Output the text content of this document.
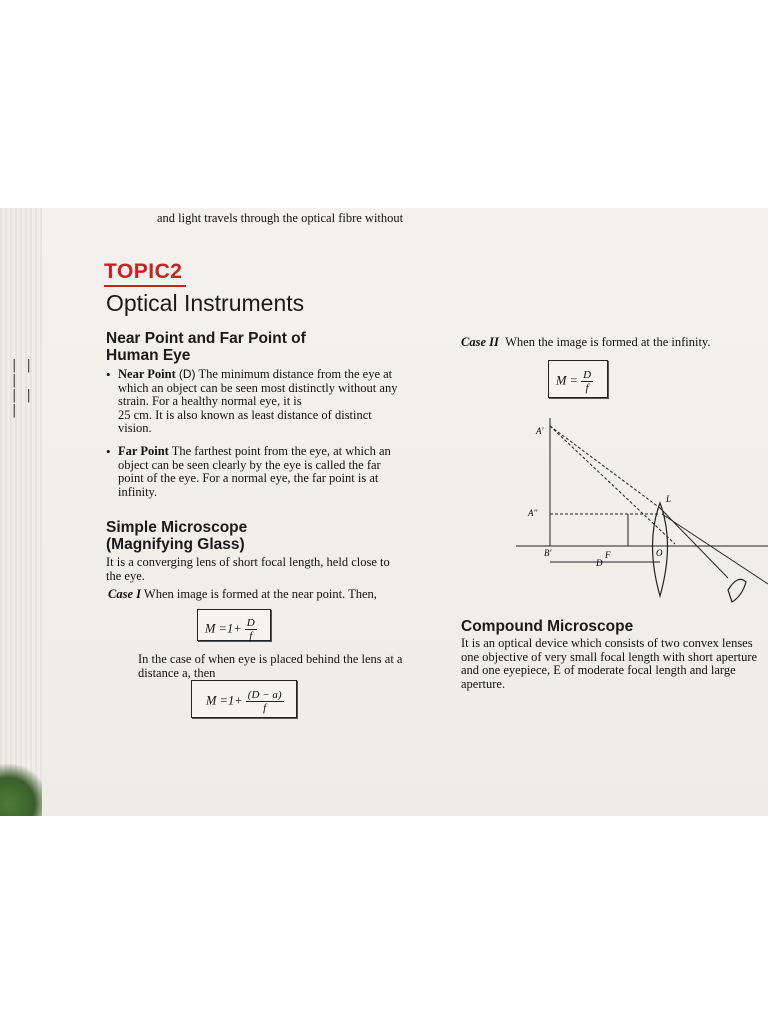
| | |
| | |
and light travels through the optical fibre without
TOPIC2
Optical Instruments
Near Point and Far Point of
Human Eye
• Near Point (D) The minimum distance from the eye at
which an object can be seen most distinctly without any
strain. For a healthy normal eye, it is
25 cm. It is also known as least distance of distinct
vision.
• Far Point The farthest point from the eye, at which an
object can be seen clearly by the eye is called the far
point of the eye. For a normal eye, the far point is at
infinity.
Simple Microscope
(Magnifying Glass)
It is a converging lens of short focal length, held close to
the eye.
Case I When image is formed at the near point. Then,
$M =1+ \frac{D}{f}$
In the case of when eye is placed behind the lens at a
distance a, then
$M =1+ \frac{(D - a)}{f}$
Case II When the image is formed at the infinity.
$M = \frac{D}{f}$
A'
A''
B'	F	O
L
D
Compound Microscope
It is an optical device which consists of two convex lenses
one objective of very small focal length with short aperture
and one eyepiece, E of moderate focal length and large
aperture.
